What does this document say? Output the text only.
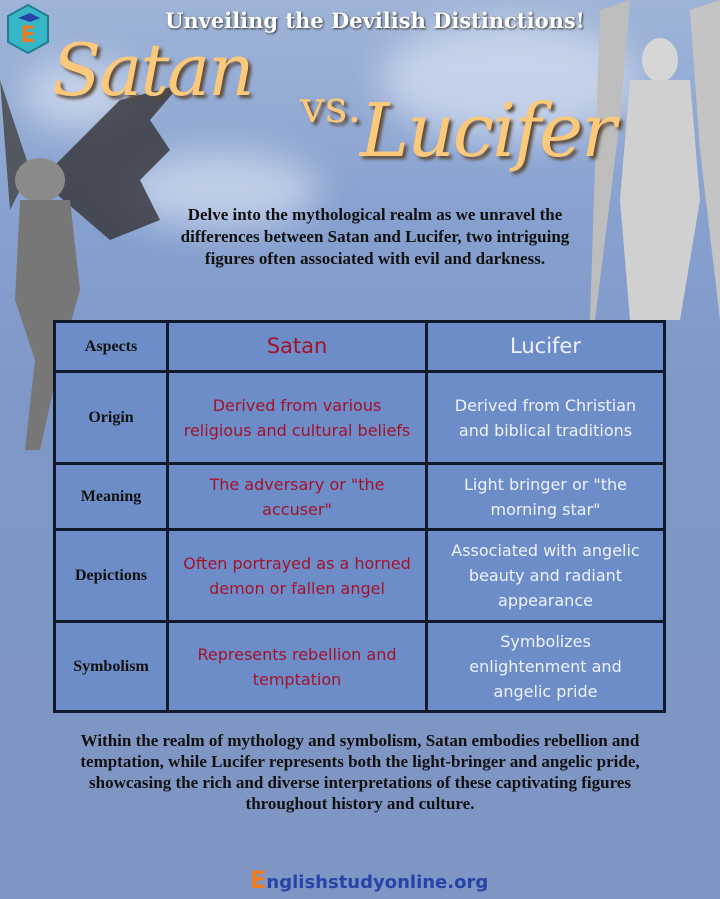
E
Unveiling the Devilish Distinctions!
Satan vs.
Lucifer
Delve into the mythological realm as we unravel the differences between Satan and Lucifer, two intriguing figures often associated with evil and darkness.
Aspects	Satan	Lucifer
Origin	Derived from various religious and cultural beliefs	Derived from Christian and biblical traditions
Meaning	The adversary or "the accuser"	Light bringer or "the morning star"
Depictions	Often portrayed as a horned demon or fallen angel	Associated with angelic beauty and radiant appearance
Symbolism	Represents rebellion and temptation	Symbolizes enlightenment and angelic pride
Within the realm of mythology and symbolism, Satan embodies rebellion and temptation, while Lucifer represents both the light-bringer and angelic pride, showcasing the rich and diverse interpretations of these captivating figures throughout history and culture.
Englishstudyonline.org
